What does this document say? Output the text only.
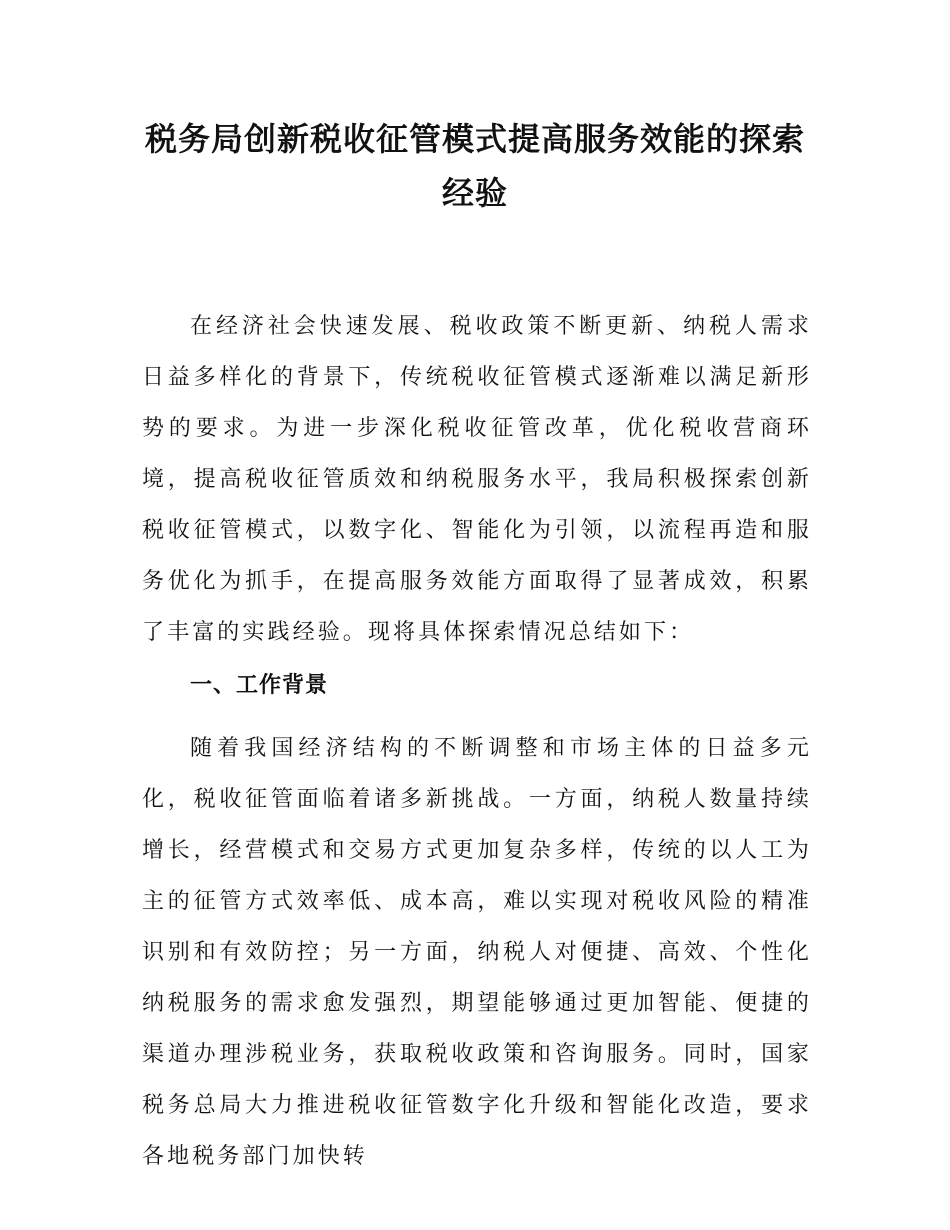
税务局创新税收征管模式提高服务效能的探索经验

在经济社会快速发展、税收政策不断更新、纳税人需求日益多样化的背景下，传统税收征管模式逐渐难以满足新形势的要求。为进一步深化税收征管改革，优化税收营商环境，提高税收征管质效和纳税服务水平，我局积极探索创新税收征管模式，以数字化、智能化为引领，以流程再造和服务优化为抓手，在提高服务效能方面取得了显著成效，积累了丰富的实践经验。现将具体探索情况总结如下：

一、工作背景

随着我国经济结构的不断调整和市场主体的日益多元化，税收征管面临着诸多新挑战。一方面，纳税人数量持续增长，经营模式和交易方式更加复杂多样，传统的以人工为主的征管方式效率低、成本高，难以实现对税收风险的精准识别和有效防控；另一方面，纳税人对便捷、高效、个性化纳税服务的需求愈发强烈，期望能够通过更加智能、便捷的渠道办理涉税业务，获取税收政策和咨询服务。同时，国家税务总局大力推进税收征管数字化升级和智能化改造，要求各地税务部门加快转
